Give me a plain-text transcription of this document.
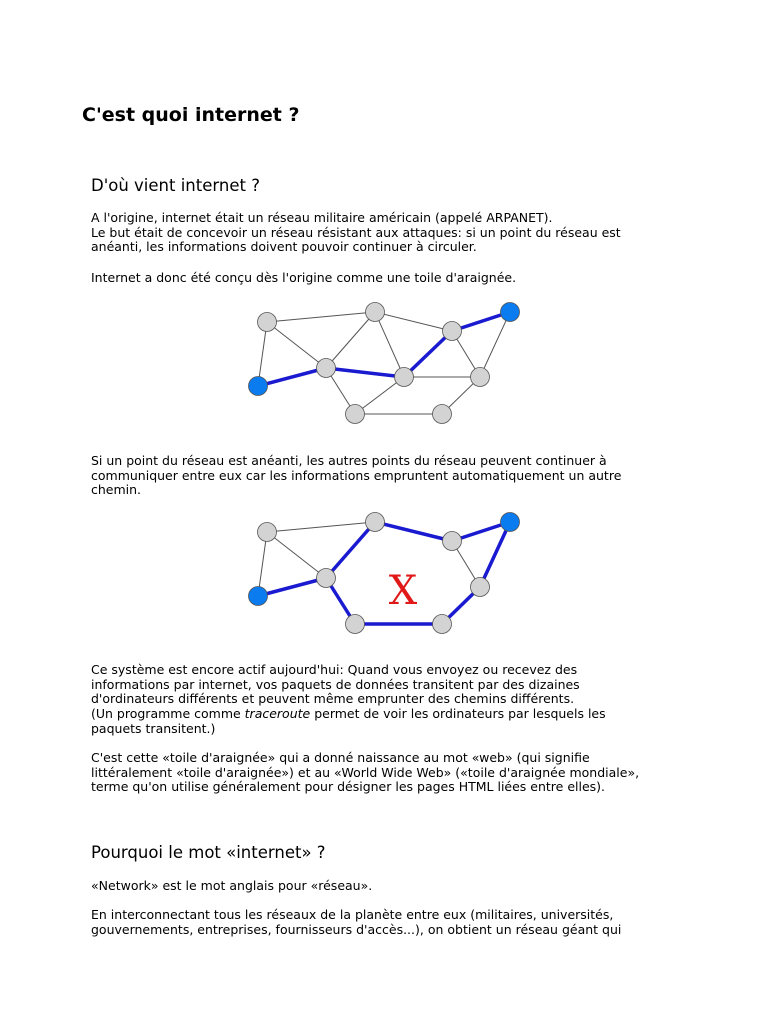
C'est quoi internet ?
D'où vient internet ?

A l'origine, internet était un réseau militaire américain (appelé ARPANET).
Le but était de concevoir un réseau résistant aux attaques: si un point du réseau est
anéanti, les informations doivent pouvoir continuer à circuler.

Internet a donc été conçu dès l'origine comme une toile d'araignée.

Si un point du réseau est anéanti, les autres points du réseau peuvent continuer à
communiquer entre eux car les informations empruntent automatiquement un autre
chemin.

X

Ce système est encore actif aujourd'hui: Quand vous envoyez ou recevez des
informations par internet, vos paquets de données transitent par des dizaines
d'ordinateurs différents et peuvent même emprunter des chemins différents.
(Un programme comme traceroute permet de voir les ordinateurs par lesquels les
paquets transitent.)

C'est cette «toile d'araignée» qui a donné naissance au mot «web» (qui signifie
littéralement «toile d'araignée») et au «World Wide Web» («toile d'araignée mondiale»,
terme qu'on utilise généralement pour désigner les pages HTML liées entre elles).

Pourquoi le mot «internet» ?

«Network» est le mot anglais pour «réseau».

En interconnectant tous les réseaux de la planète entre eux (militaires, universités,
gouvernements, entreprises, fournisseurs d'accès...), on obtient un réseau géant qui
